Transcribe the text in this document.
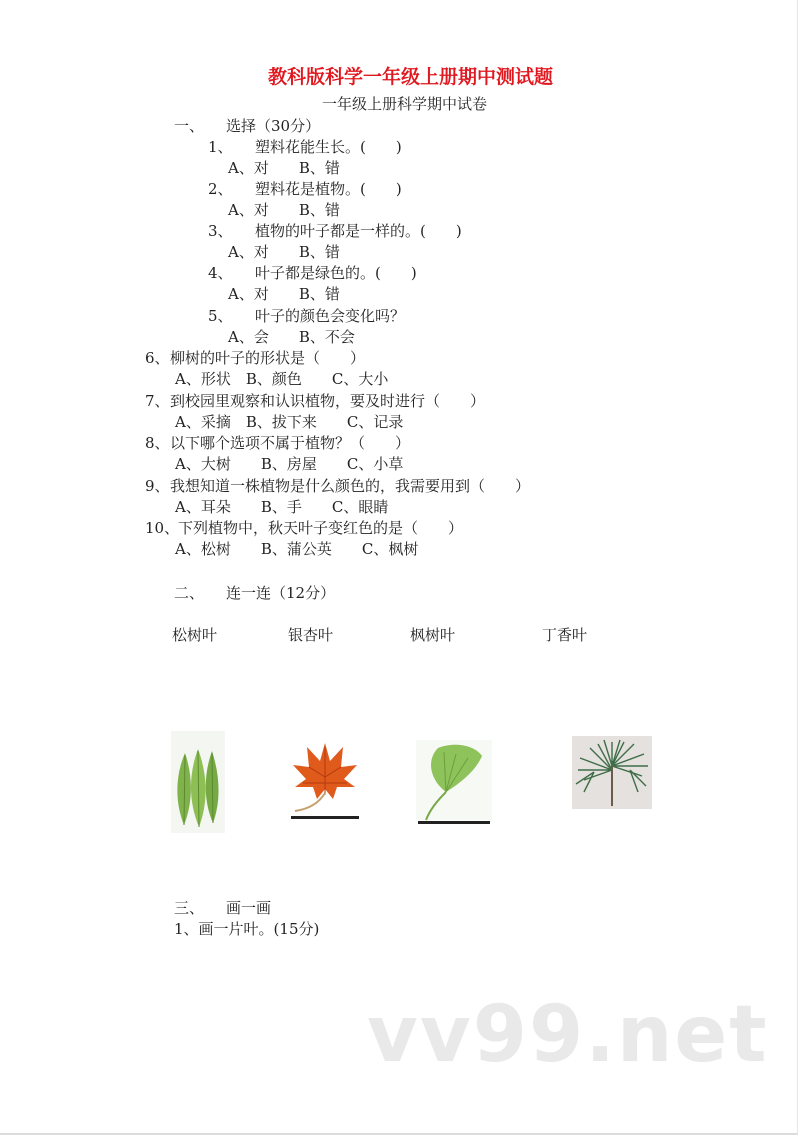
教科版科学一年级上册期中测试题
一年级上册科学期中试卷
一、 选择（30分）
1、 塑料花能生长。(　　)
A、对　　B、错
2、 塑料花是植物。(　　)
A、对　　B、错
3、 植物的叶子都是一样的。(　　)
A、对　　B、错
4、 叶子都是绿色的。(　　)
A、对　　B、错
5、 叶子的颜色会变化吗？
A、会　　B、不会
6、 柳树的叶子的形状是（　　）
A、形状　B、颜色　　C、大小
7、 到校园里观察和认识植物，要及时进行（　　）
A、采摘　B、拔下来　　C、记录
8、 以下哪个选项不属于植物？（　　）
A、大树　　B、房屋　　C、小草
9、 我想知道一株植物是什么颜色的，我需要用到（　　）
A、耳朵　　B、手　　C、眼睛
10、
下列植物中，秋天叶子变红色的是（　　）
A、松树　　B、蒲公英　　C、枫树
二、 连一连（12分）
松树叶	银杏叶	枫树叶	丁香叶
三、 画一画
1、画一片叶。(15分)
vv99.net
